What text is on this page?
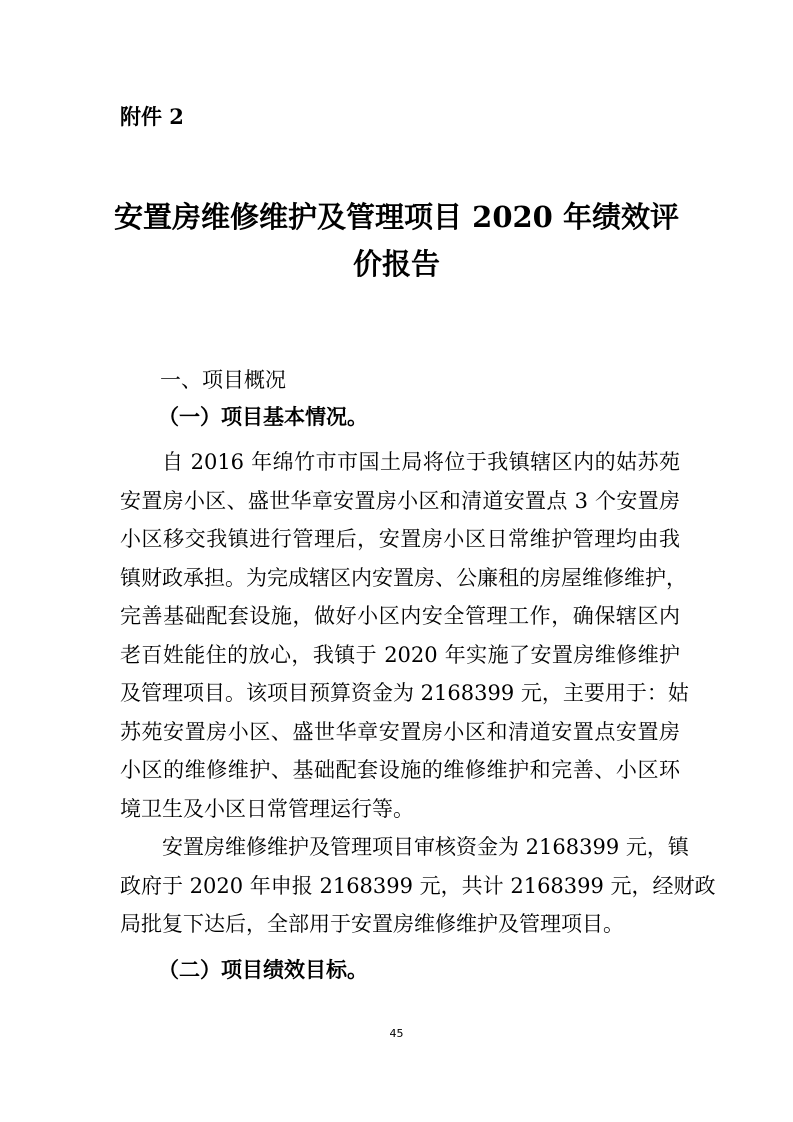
附件 2
安置房维修维护及管理项目 2020 年绩效评
价报告
一、项目概况
（一）项目基本情况。
自 2016 年绵竹市市国土局将位于我镇辖区内的姑苏苑
安置房小区、盛世华章安置房小区和清道安置点 3 个安置房
小区移交我镇进行管理后，安置房小区日常维护管理均由我
镇财政承担。为完成辖区内安置房、公廉租的房屋维修维护，
完善基础配套设施，做好小区内安全管理工作，确保辖区内
老百姓能住的放心，我镇于 2020 年实施了安置房维修维护
及管理项目。该项目预算资金为 2168399 元，主要用于：姑
苏苑安置房小区、盛世华章安置房小区和清道安置点安置房
小区的维修维护、基础配套设施的维修维护和完善、小区环
境卫生及小区日常管理运行等。
安置房维修维护及管理项目审核资金为 2168399 元，镇
政府于 2020 年申报 2168399 元，共计 2168399 元，经财政
局批复下达后，全部用于安置房维修维护及管理项目。
（二）项目绩效目标。
45
